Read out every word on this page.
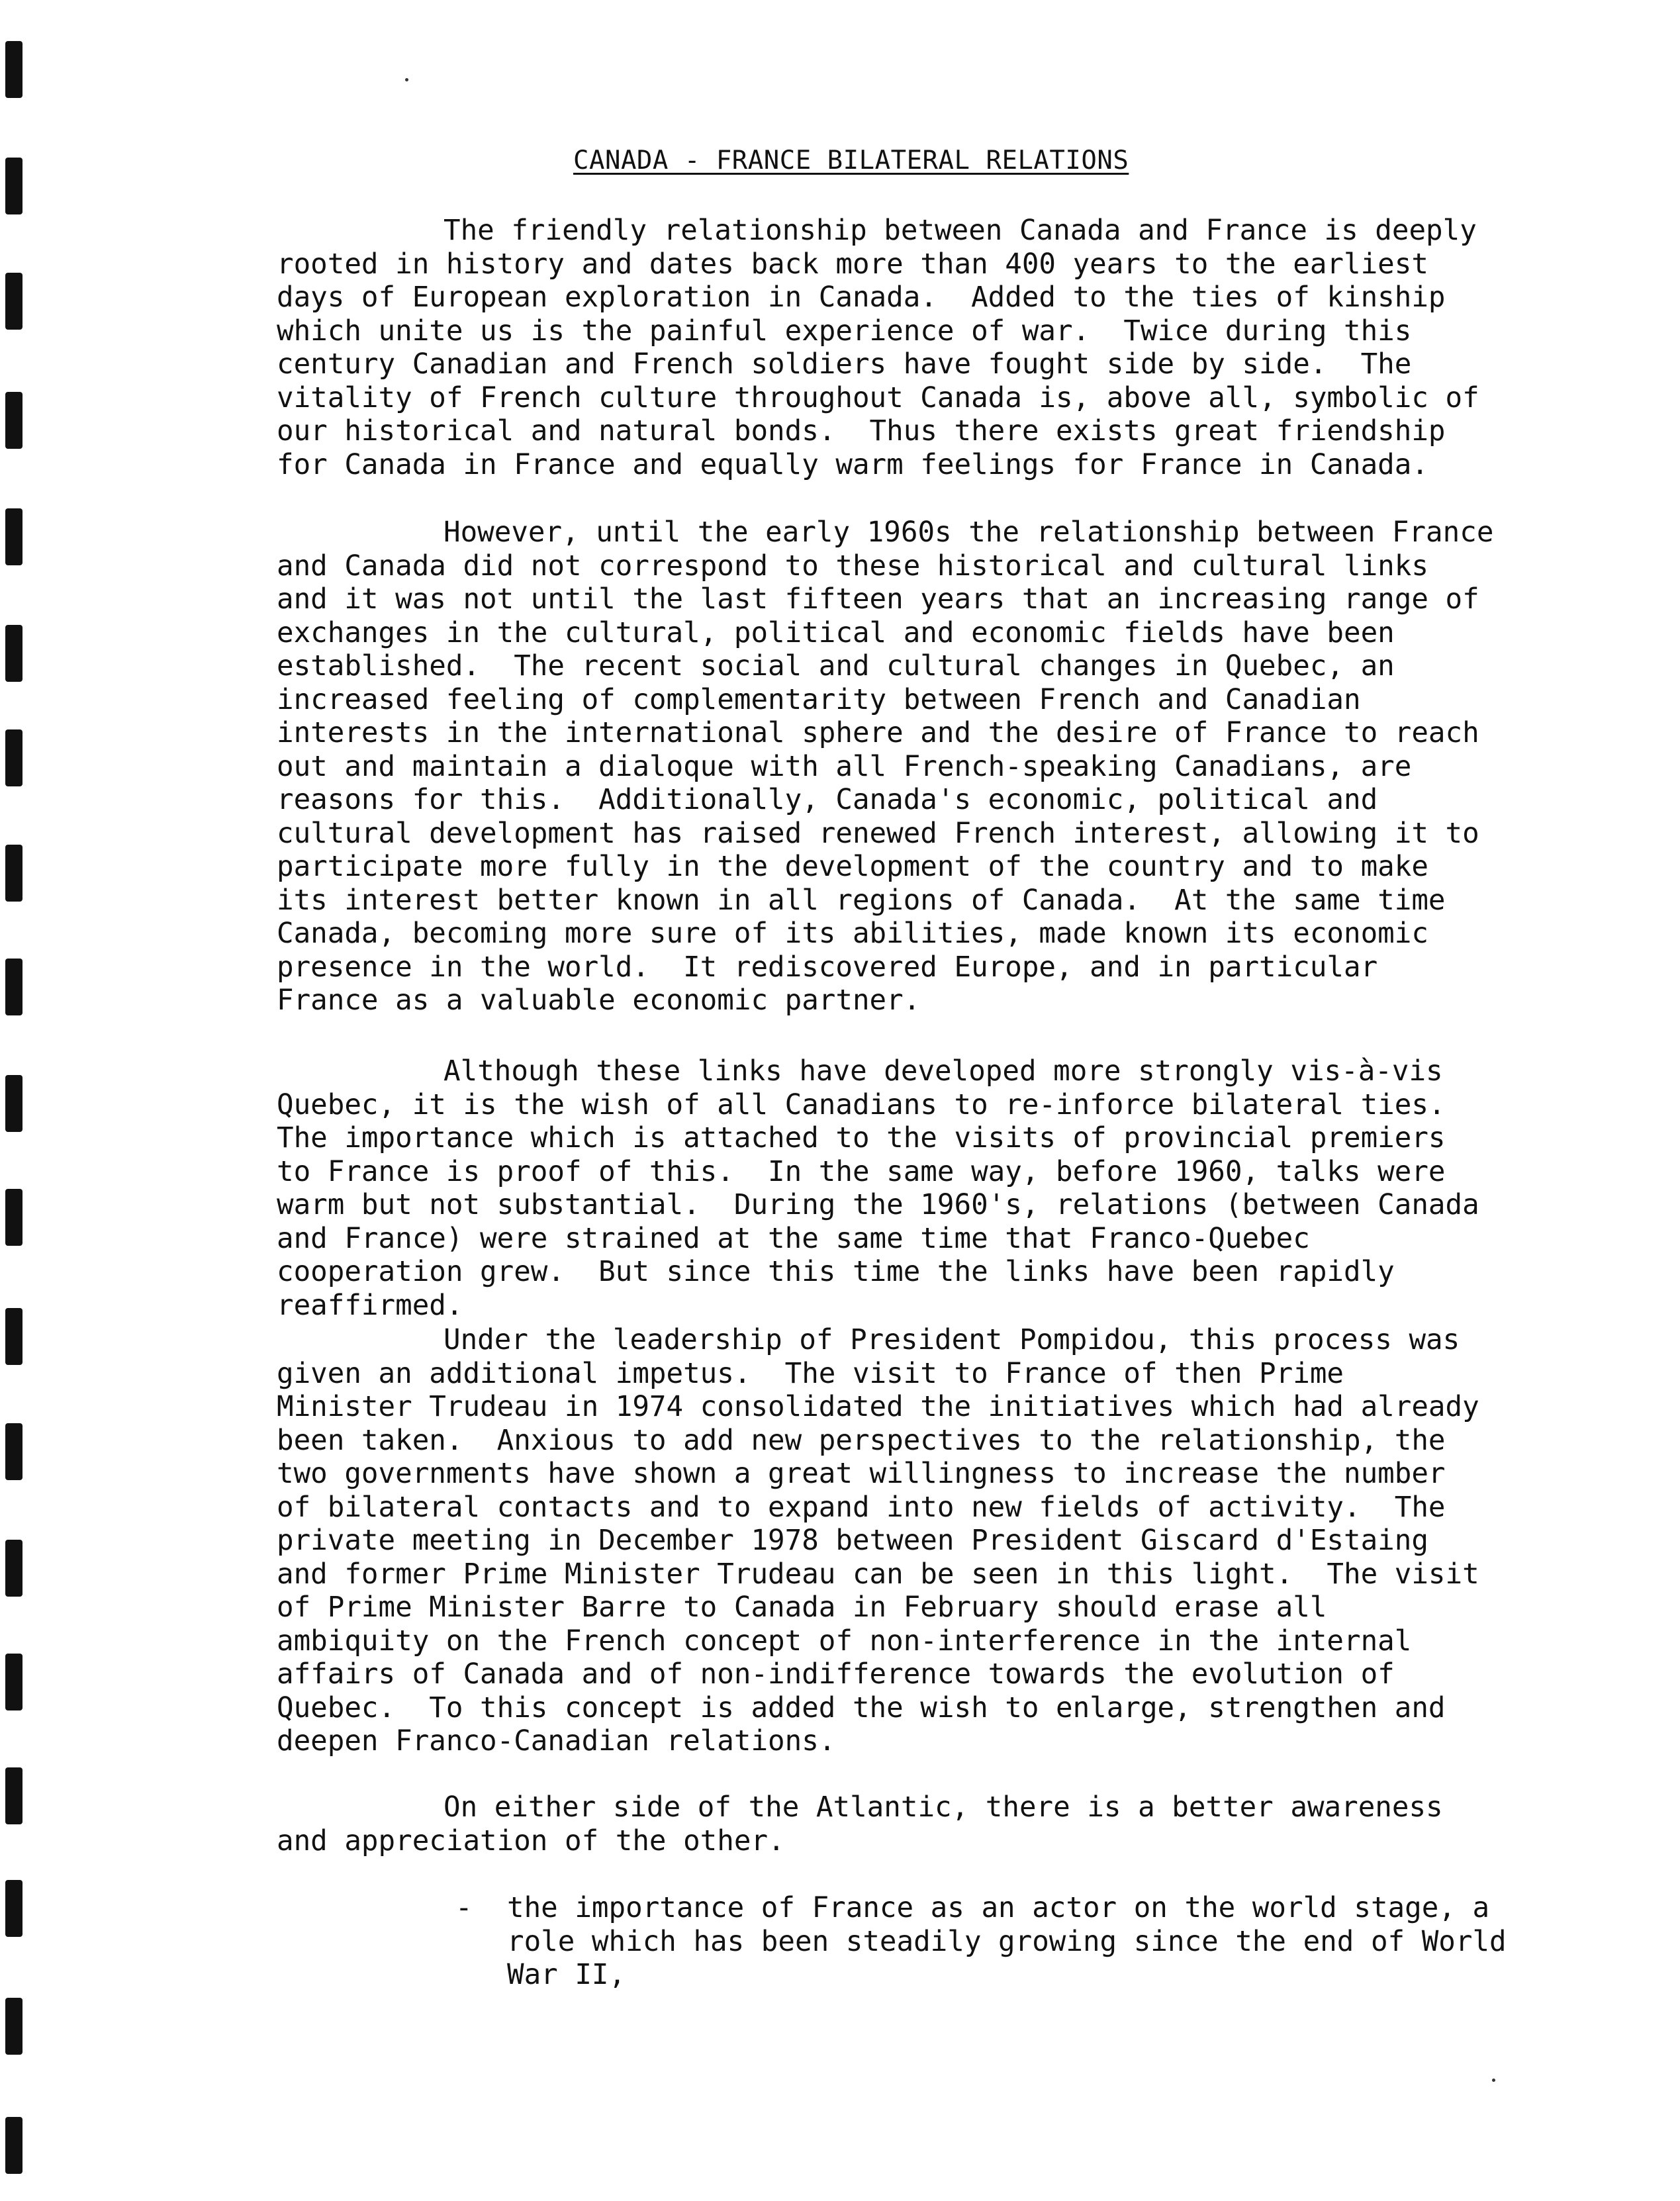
CANADA - FRANCE BILATERAL RELATIONS

The friendly relationship between Canada and France is deeply rooted in history and dates back more than 400 years to the earliest days of European exploration in Canada.  Added to the ties of kinship which unite us is the painful experience of war.  Twice during this century Canadian and French soldiers have fought side by side.  The vitality of French culture throughout Canada is, above all, symbolic of our historical and natural bonds.  Thus there exists great friendship for Canada in France and equally warm feelings for France in Canada.

However, until the early 1960s the relationship between France and Canada did not correspond to these historical and cultural links and it was not until the last fifteen years that an increasing range of exchanges in the cultural, political and economic fields have been established.  The recent social and cultural changes in Quebec, an increased feeling of complementarity between French and Canadian interests in the international sphere and the desire of France to reach out and maintain a dialoque with all French-speaking Canadians, are reasons for this.  Additionally, Canada's economic, political and cultural development has raised renewed French interest, allowing it to participate more fully in the development of the country and to make its interest better known in all regions of Canada.  At the same time Canada, becoming more sure of its abilities, made known its economic presence in the world.  It rediscovered Europe, and in particular France as a valuable economic partner.

Although these links have developed more strongly vis-à-vis Quebec, it is the wish of all Canadians to re-inforce bilateral ties. The importance which is attached to the visits of provincial premiers to France is proof of this.  In the same way, before 1960, talks were warm but not substantial.  During the 1960's, relations (between Canada and France) were strained at the same time that Franco-Quebec cooperation grew.  But since this time the links have been rapidly reaffirmed.

Under the leadership of President Pompidou, this process was given an additional impetus.  The visit to France of then Prime Minister Trudeau in 1974 consolidated the initiatives which had already been taken.  Anxious to add new perspectives to the relationship, the two governments have shown a great willingness to increase the number of bilateral contacts and to expand into new fields of activity.  The private meeting in December 1978 between President Giscard d'Estaing and former Prime Minister Trudeau can be seen in this light.  The visit of Prime Minister Barre to Canada in February should erase all ambiquity on the French concept of non-interference in the internal affairs of Canada and of non-indifference towards the evolution of Quebec.  To this concept is added the wish to enlarge, strengthen and deepen Franco-Canadian relations.

On either side of the Atlantic, there is a better awareness and appreciation of the other.

-

the importance of France as an actor on the world stage, a role which has been steadily growing since the end of World War II,
